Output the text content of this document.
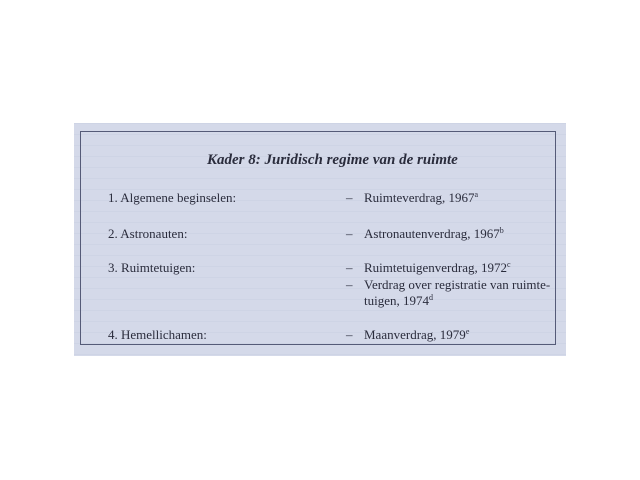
Kader 8: Juridisch regime van de ruimte
1. Algemene beginselen:	– Ruimteverdrag, 1967$^a$
2. Astronauten:	– Astronautenverdrag, 1967$^b$
3. Ruimtetuigen:	– Ruimtetuigenverdrag, 1972$^c$
– Verdrag over registratie van ruimte-
tuigen, 1974$^d$
4. Hemellichamen:	– Maanverdrag, 1979e
